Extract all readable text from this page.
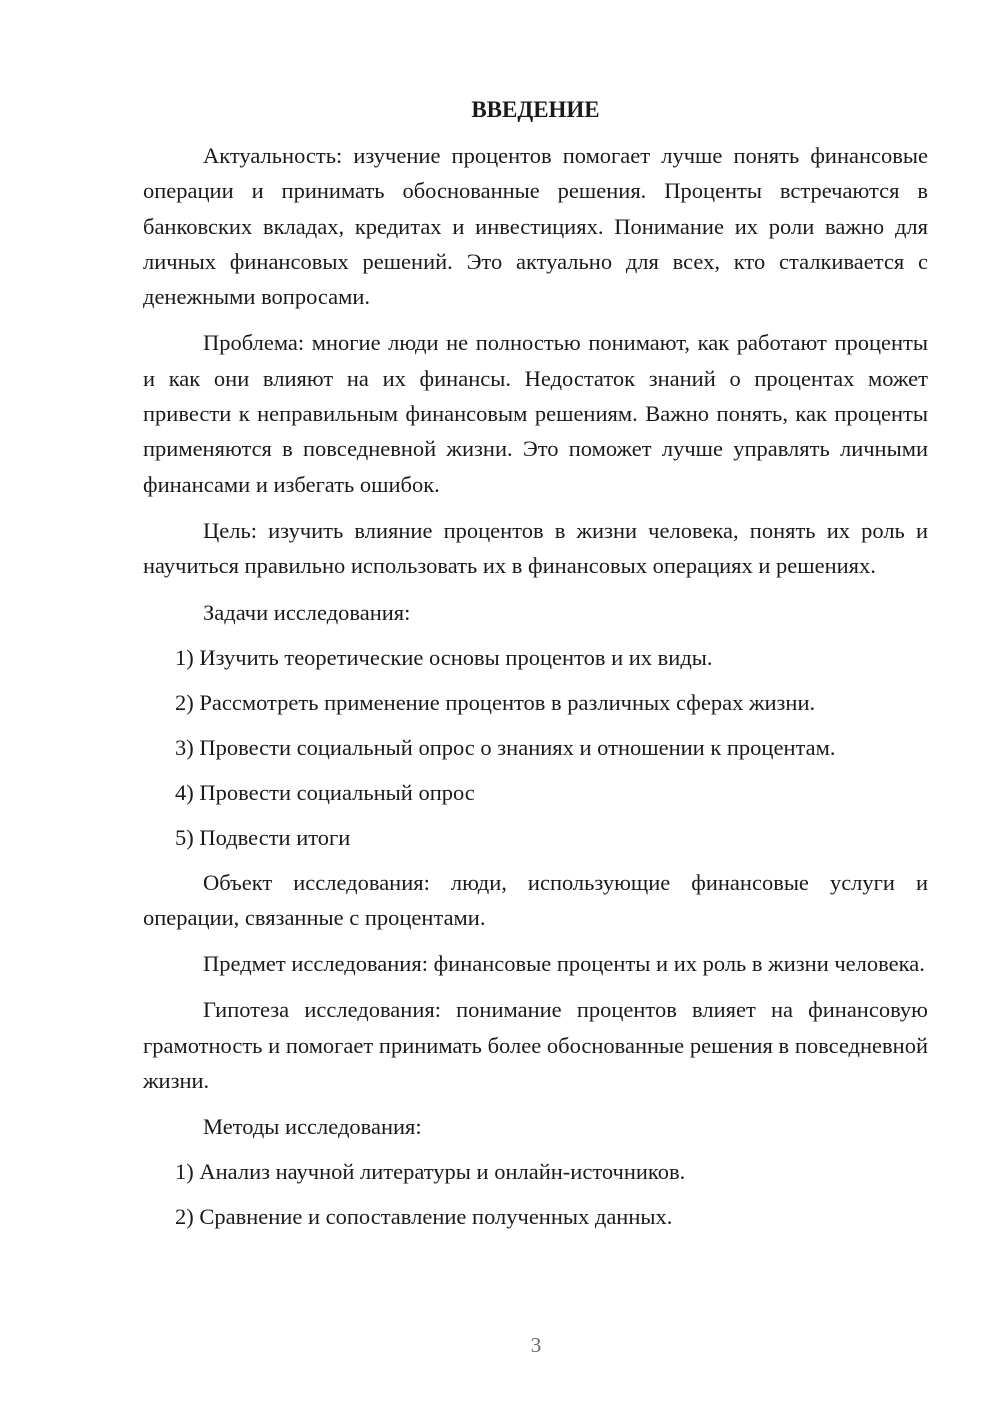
ВВЕДЕНИЕ

Актуальность: изучение процентов помогает лучше понять финансовые операции и принимать обоснованные решения. Проценты встречаются в банковских вкладах, кредитах и инвестициях. Понимание их роли важно для личных финансовых решений. Это актуально для всех, кто сталкивается с денежными вопросами.

Проблема: многие люди не полностью понимают, как работают проценты и как они влияют на их финансы. Недостаток знаний о процентах может привести к неправильным финансовым решениям. Важно понять, как проценты применяются в повседневной жизни. Это поможет лучше управлять личными финансами и избегать ошибок.

Цель: изучить влияние процентов в жизни человека, понять их роль и научиться правильно использовать их в финансовых операциях и решениях.

Задачи исследования:

1) Изучить теоретические основы процентов и их виды.

2) Рассмотреть применение процентов в различных сферах жизни.

3) Провести социальный опрос о знаниях и отношении к процентам.

4) Провести социальный опрос

5) Подвести итоги

Объект исследования: люди, использующие финансовые услуги и операции, связанные с процентами.

Предмет исследования: финансовые проценты и их роль в жизни человека.

Гипотеза исследования: понимание процентов влияет на финансовую грамотность и помогает принимать более обоснованные решения в повседневной жизни.

Методы исследования:

1) Анализ научной литературы и онлайн-источников.

2) Сравнение и сопоставление полученных данных.

3
